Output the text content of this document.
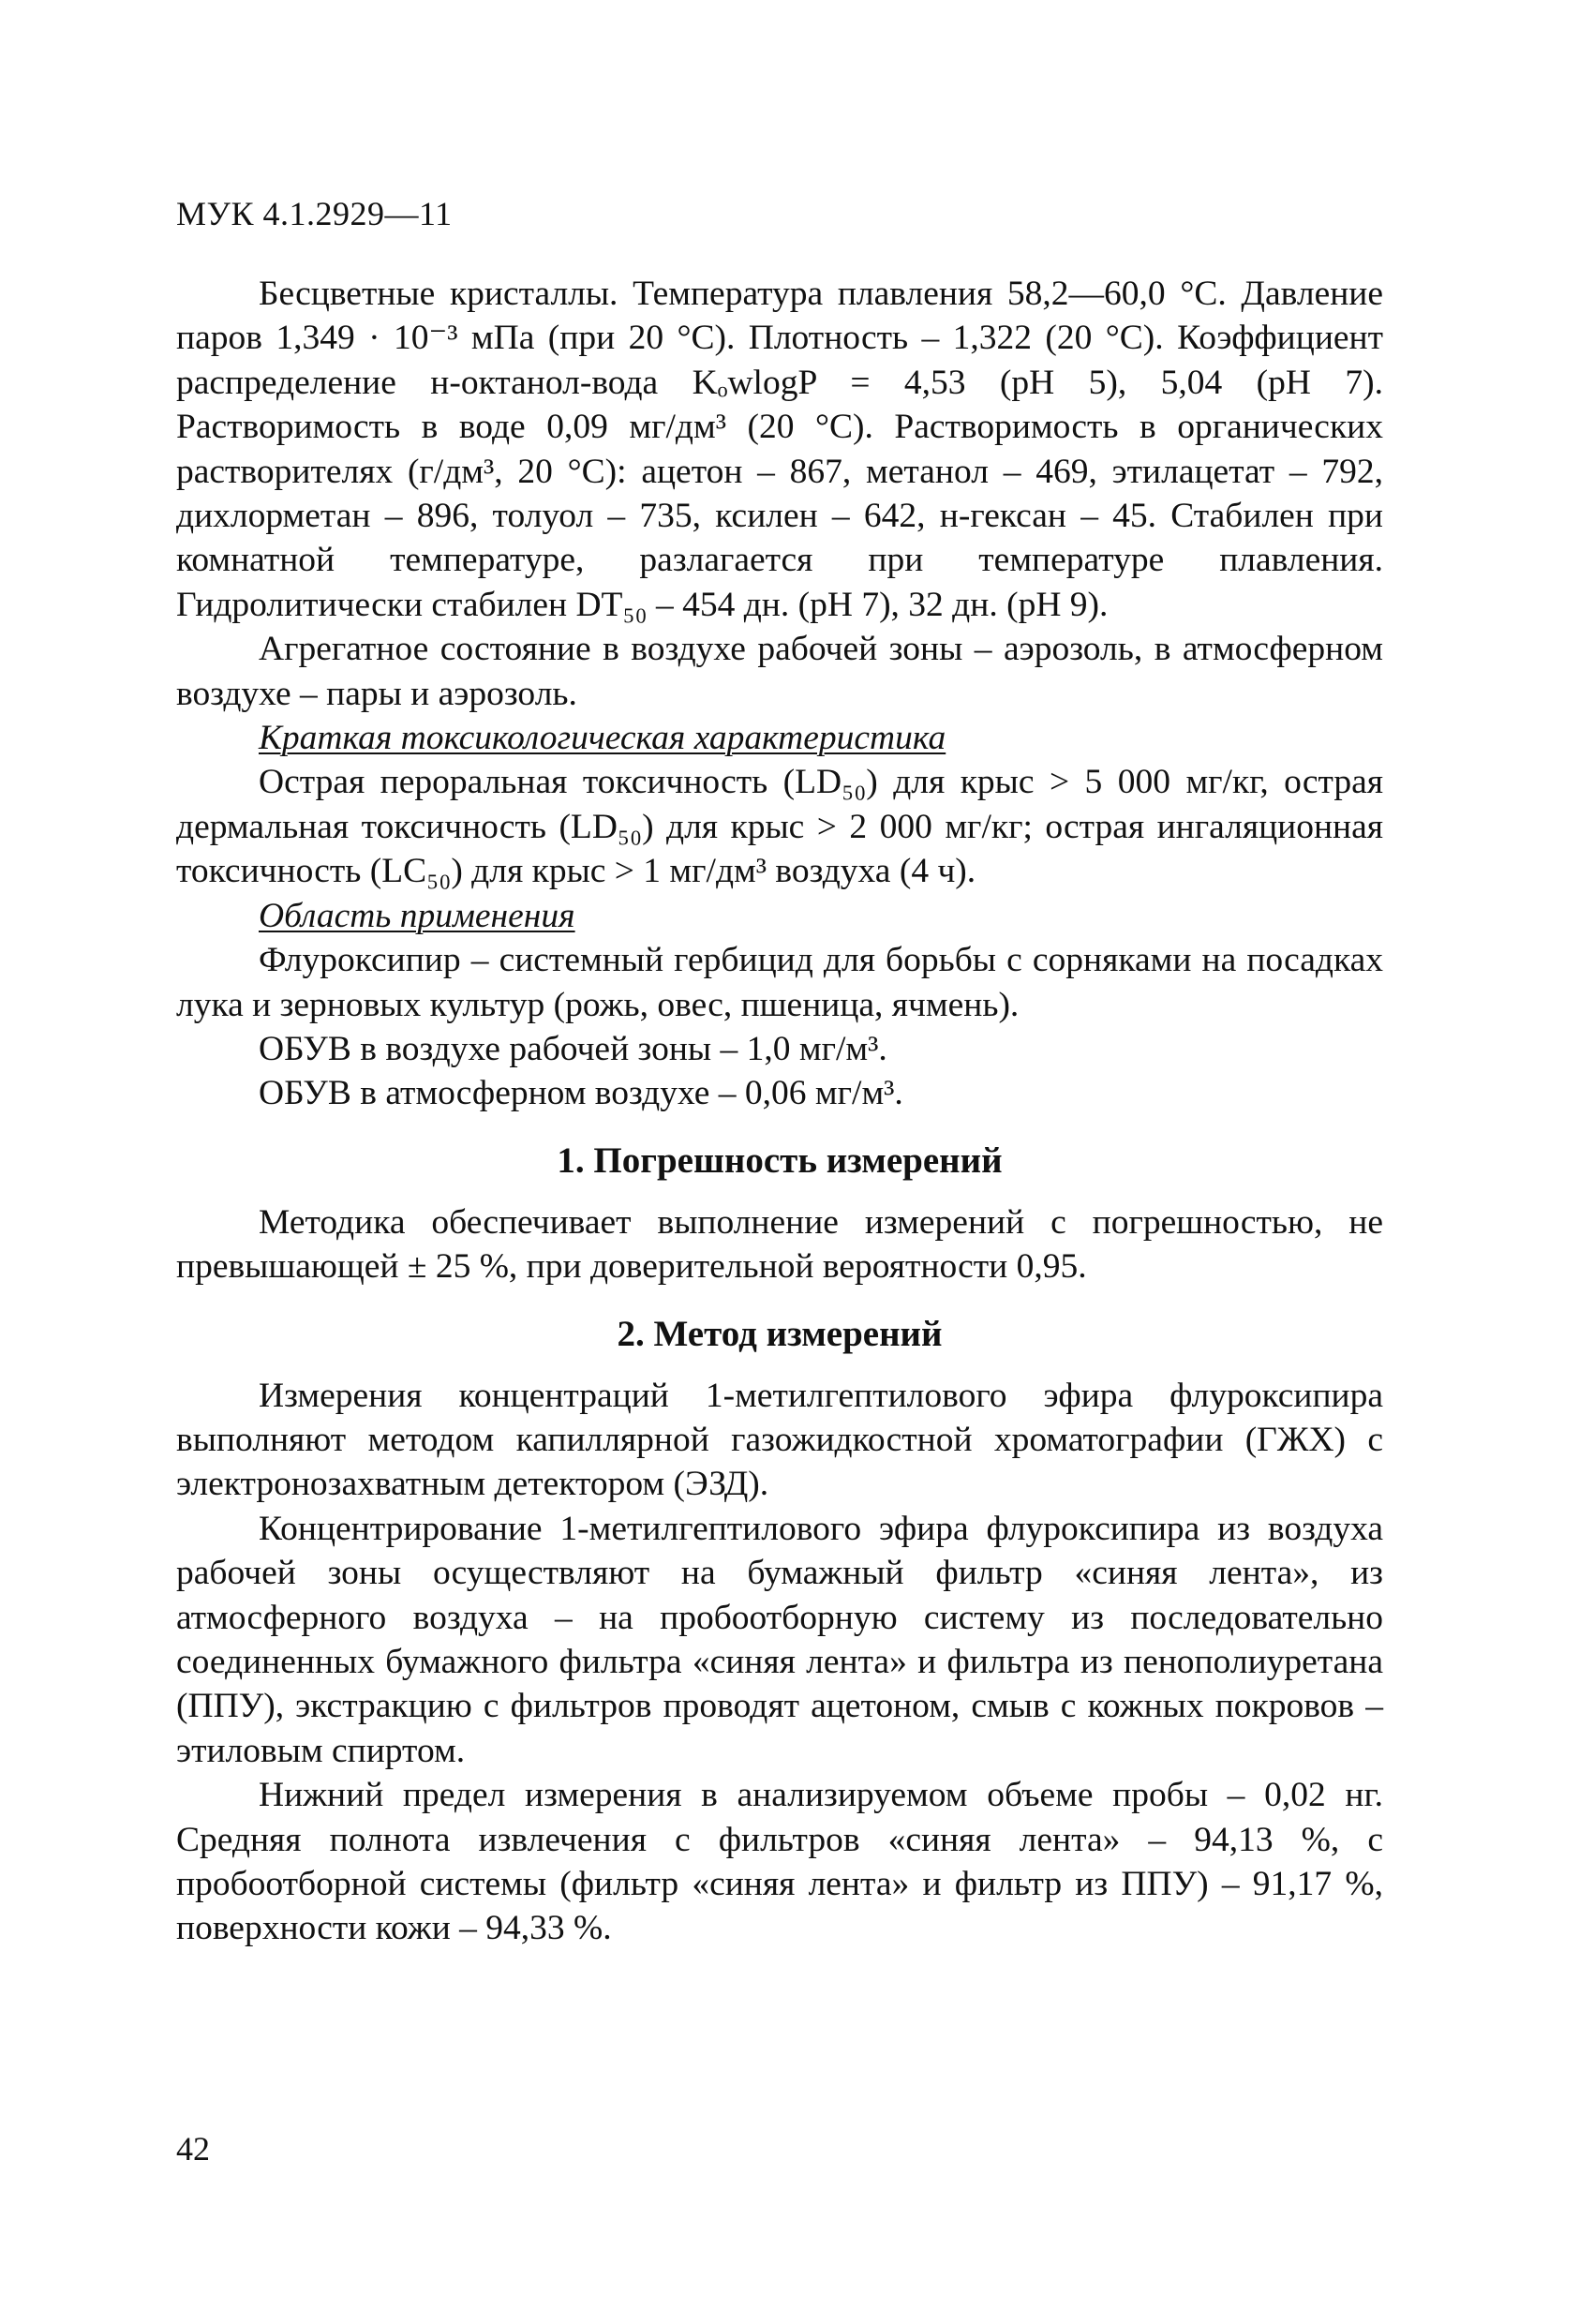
МУК 4.1.2929—11

Бесцветные кристаллы. Температура плавления 58,2—60,0 °С. Давление паров 1,349 · 10⁻³ мПа (при 20 °С). Плотность – 1,322 (20 °С). Коэффициент распределение н-октанол-вода KₒwlogP = 4,53 (pH 5), 5,04 (pH 7). Растворимость в воде 0,09 мг/дм³ (20 °С). Растворимость в органических растворителях (г/дм³, 20 °С): ацетон – 867, метанол – 469, этилацетат – 792, дихлорметан – 896, толуол – 735, ксилен – 642, н-гексан – 45. Стабилен при комнатной температуре, разлагается при температуре плавления. Гидролитически стабилен DT₅₀ – 454 дн. (pH 7), 32 дн. (pH 9).

Агрегатное состояние в воздухе рабочей зоны – аэрозоль, в атмосферном воздухе – пары и аэрозоль.

Краткая токсикологическая характеристика

Острая пероральная токсичность (LD₅₀) для крыс > 5 000 мг/кг, острая дермальная токсичность (LD₅₀) для крыс > 2 000 мг/кг; острая ингаляционная токсичность (LC₅₀) для крыс > 1 мг/дм³ воздуха (4 ч).

Область применения

Флуроксипир – системный гербицид для борьбы с сорняками на посадках лука и зерновых культур (рожь, овес, пшеница, ячмень).

ОБУВ в воздухе рабочей зоны – 1,0 мг/м³.

ОБУВ в атмосферном воздухе – 0,06 мг/м³.

1. Погрешность измерений

Методика обеспечивает выполнение измерений с погрешностью, не превышающей ± 25 %, при доверительной вероятности 0,95.

2. Метод измерений

Измерения концентраций 1-метилгептилового эфира флуроксипира выполняют методом капиллярной газожидкостной хроматографии (ГЖХ) с электронозахватным детектором (ЭЗД).

Концентрирование 1-метилгептилового эфира флуроксипира из воздуха рабочей зоны осуществляют на бумажный фильтр «синяя лента», из атмосферного воздуха – на пробоотборную систему из последовательно соединенных бумажного фильтра «синяя лента» и фильтра из пенополиуретана (ППУ), экстракцию с фильтров проводят ацетоном, смыв с кожных покровов – этиловым спиртом.

Нижний предел измерения в анализируемом объеме пробы – 0,02 нг. Средняя полнота извлечения с фильтров «синяя лента» – 94,13 %, с пробоотборной системы (фильтр «синяя лента» и фильтр из ППУ) – 91,17 %, поверхности кожи – 94,33 %.

42
